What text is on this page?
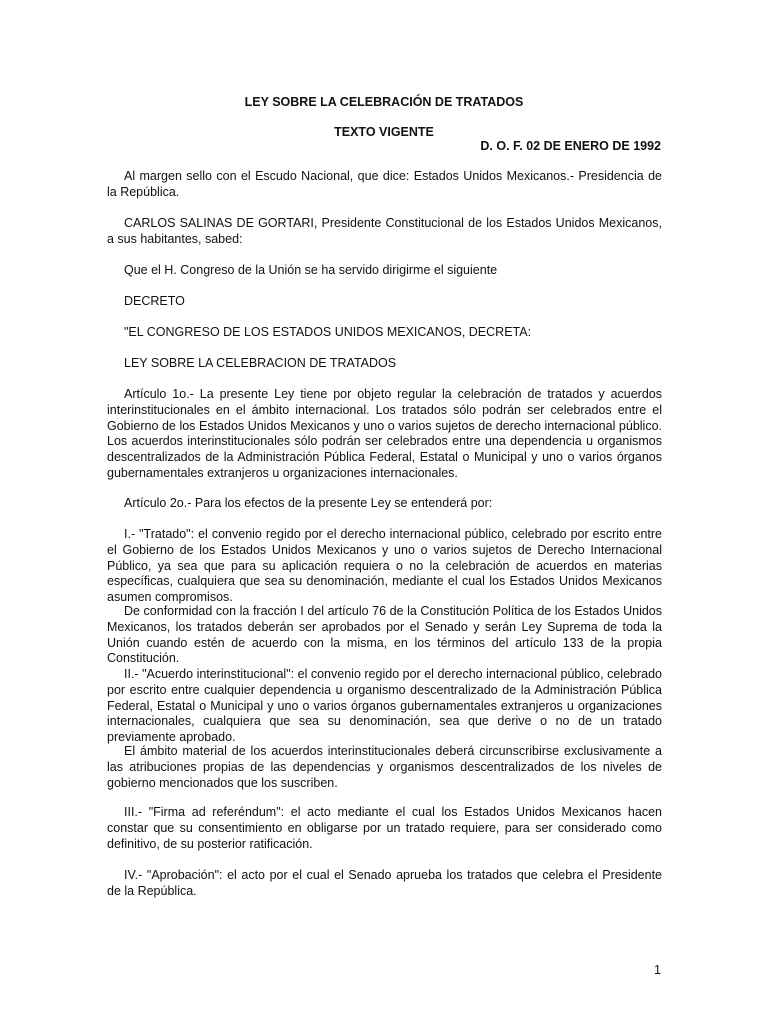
LEY SOBRE LA CELEBRACIÓN DE TRATADOS
TEXTO VIGENTE
D. O. F. 02 DE ENERO DE 1992

Al margen sello con el Escudo Nacional, que dice: Estados Unidos Mexicanos.- Presidencia de la República.

CARLOS SALINAS DE GORTARI, Presidente Constitucional de los Estados Unidos Mexicanos, a sus habitantes, sabed:

Que el H. Congreso de la Unión se ha servido dirigirme el siguiente

DECRETO

"EL CONGRESO DE LOS ESTADOS UNIDOS MEXICANOS, DECRETA:

LEY SOBRE LA CELEBRACION DE TRATADOS

Artículo 1o.- La presente Ley tiene por objeto regular la celebración de tratados y acuerdos interinstitucionales en el ámbito internacional. Los tratados sólo podrán ser celebrados entre el Gobierno de los Estados Unidos Mexicanos y uno o varios sujetos de derecho internacional público. Los acuerdos interinstitucionales sólo podrán ser celebrados entre una dependencia u organismos descentralizados de la Administración Pública Federal, Estatal o Municipal y uno o varios órganos gubernamentales extranjeros u organizaciones internacionales.

Artículo 2o.- Para los efectos de la presente Ley se entenderá por:

I.- "Tratado": el convenio regido por el derecho internacional público, celebrado por escrito entre el Gobierno de los Estados Unidos Mexicanos y uno o varios sujetos de Derecho Internacional Público, ya sea que para su aplicación requiera o no la celebración de acuerdos en materias específicas, cualquiera que sea su denominación, mediante el cual los Estados Unidos Mexicanos asumen compromisos.

De conformidad con la fracción I del artículo 76 de la Constitución Política de los Estados Unidos Mexicanos, los tratados deberán ser aprobados por el Senado y serán Ley Suprema de toda la Unión cuando estén de acuerdo con la misma, en los términos del artículo 133 de la propia Constitución.

II.- "Acuerdo interinstitucional": el convenio regido por el derecho internacional público, celebrado por escrito entre cualquier dependencia u organismo descentralizado de la Administración Pública Federal, Estatal o Municipal y uno o varios órganos gubernamentales extranjeros u organizaciones internacionales, cualquiera que sea su denominación, sea que derive o no de un tratado previamente aprobado.

El ámbito material de los acuerdos interinstitucionales deberá circunscribirse exclusivamente a las atribuciones propias de las dependencias y organismos descentralizados de los niveles de gobierno mencionados que los suscriben.

III.- "Firma ad referéndum": el acto mediante el cual los Estados Unidos Mexicanos hacen constar que su consentimiento en obligarse por un tratado requiere, para ser considerado como definitivo, de su posterior ratificación.

IV.- "Aprobación": el acto por el cual el Senado aprueba los tratados que celebra el Presidente de la República.

1
